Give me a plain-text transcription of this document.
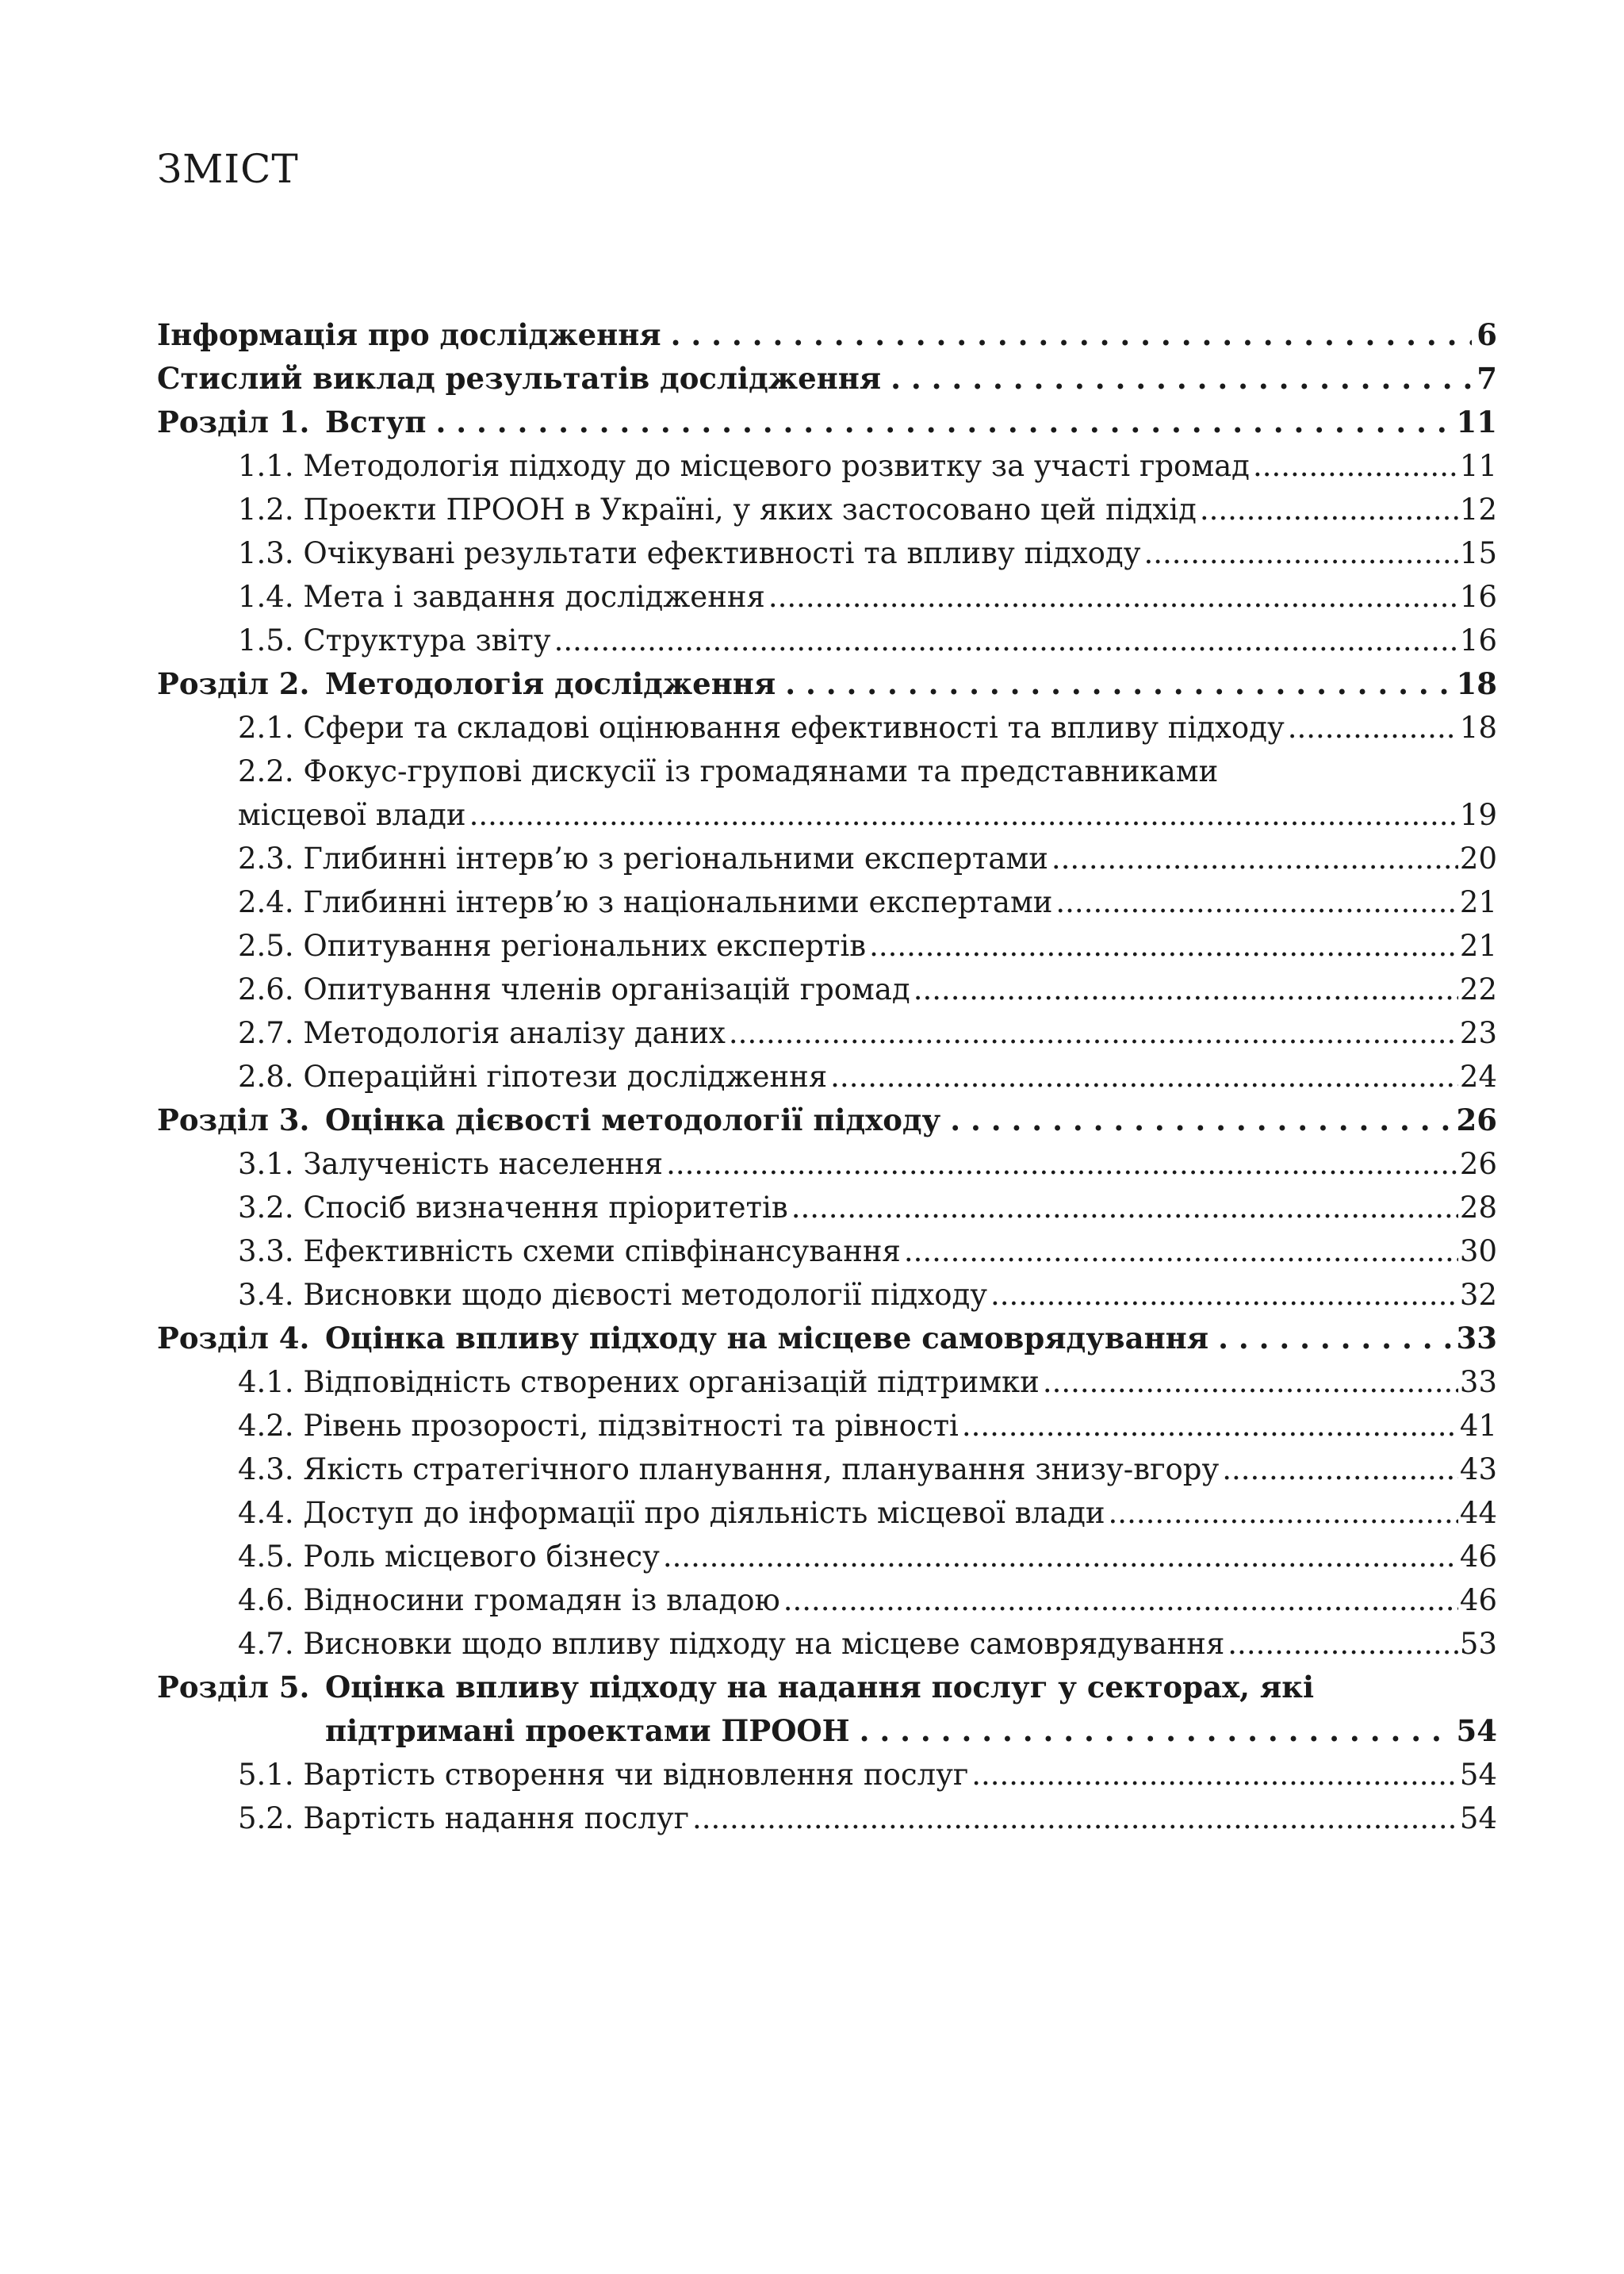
ЗМІСТ
Інформація про дослідження . . .	6
Стислий виклад результатів дослідження . . .	7
Розділ 1. Вступ . . .	11
1.1. Методологія підходу до місцевого розвитку за участі громад .....	11
1.2. Проекти ПРООН в Україні, у яких застосовано цей підхід .....	12
1.3. Очікувані результати ефективності та впливу підходу .....	15
1.4. Мета і завдання дослідження .....	16
1.5. Структура звіту .....	16
Розділ 2. Методологія дослідження . . .	18
2.1. Сфери та складові оцінювання ефективності та впливу підходу .....	18
2.2. Фокус-групові дискусії із громадянами та представниками
місцевої влади .....	19
2.3. Глибинні інтерв’ю з регіональними експертами .....	20
2.4. Глибинні інтерв’ю з національними експертами .....	21
2.5. Опитування регіональних експертів .....	21
2.6. Опитування членів організацій громад .....	22
2.7. Методологія аналізу даних .....	23
2.8. Операційні гіпотези дослідження .....	24
Розділ 3. Оцінка дієвості методології підходу . . .	26
3.1. Залученість населення .....	26
3.2. Спосіб визначення пріоритетів .....	28
3.3. Ефективність схеми співфінансування .....	30
3.4. Висновки щодо дієвості методології підходу .....	32
Розділ 4. Оцінка впливу підходу на місцеве самоврядування . . .	33
4.1. Відповідність створених організацій підтримки .....	33
4.2. Рівень прозорості, підзвітності та рівності .....	41
4.3. Якість стратегічного планування, планування знизу-вгору .....	43
4.4. Доступ до інформації про діяльність місцевої влади .....	44
4.5. Роль місцевого бізнесу .....	46
4.6. Відносини громадян із владою .....	46
4.7. Висновки щодо впливу підходу на місцеве самоврядування .....	53
Розділ 5. Оцінка впливу підходу на надання послуг у секторах, які
підтримані проектами ПРООН . . .	54
5.1. Вартість створення чи відновлення послуг .....	54
5.2. Вартість надання послуг .....	54
